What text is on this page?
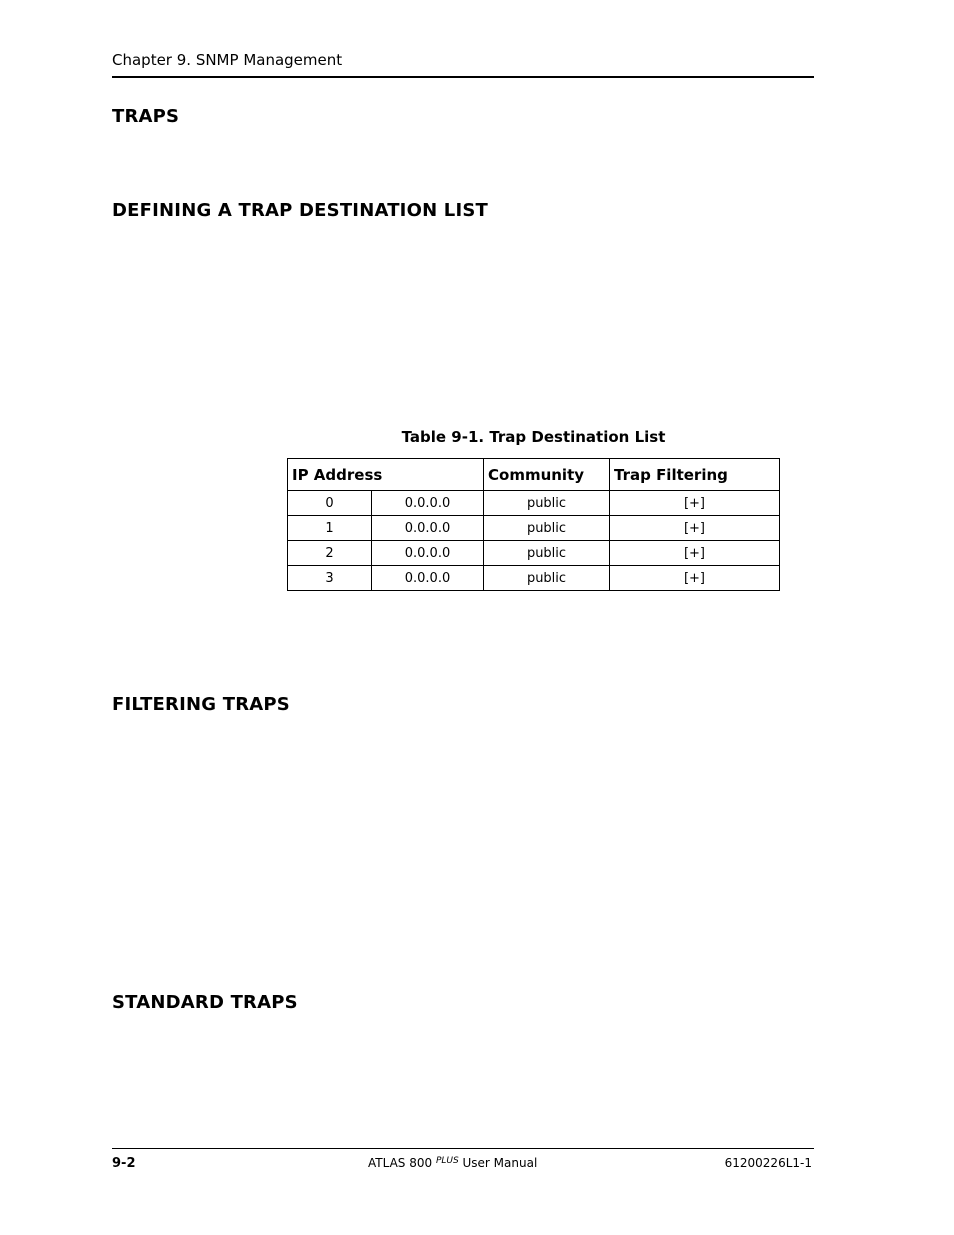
Chapter 9. SNMP Management
TRAPS
DEFINING A TRAP DESTINATION LIST
Table 9-1. Trap Destination List
IP Address		Community	Trap Filtering
0	0.0.0.0	public	[+]
1	0.0.0.0	public	[+]
2	0.0.0.0	public	[+]
3	0.0.0.0	public	[+]
FILTERING TRAPS
STANDARD TRAPS
9-2	ATLAS 800 $^{PLUS}$ User Manual	61200226L1-1
